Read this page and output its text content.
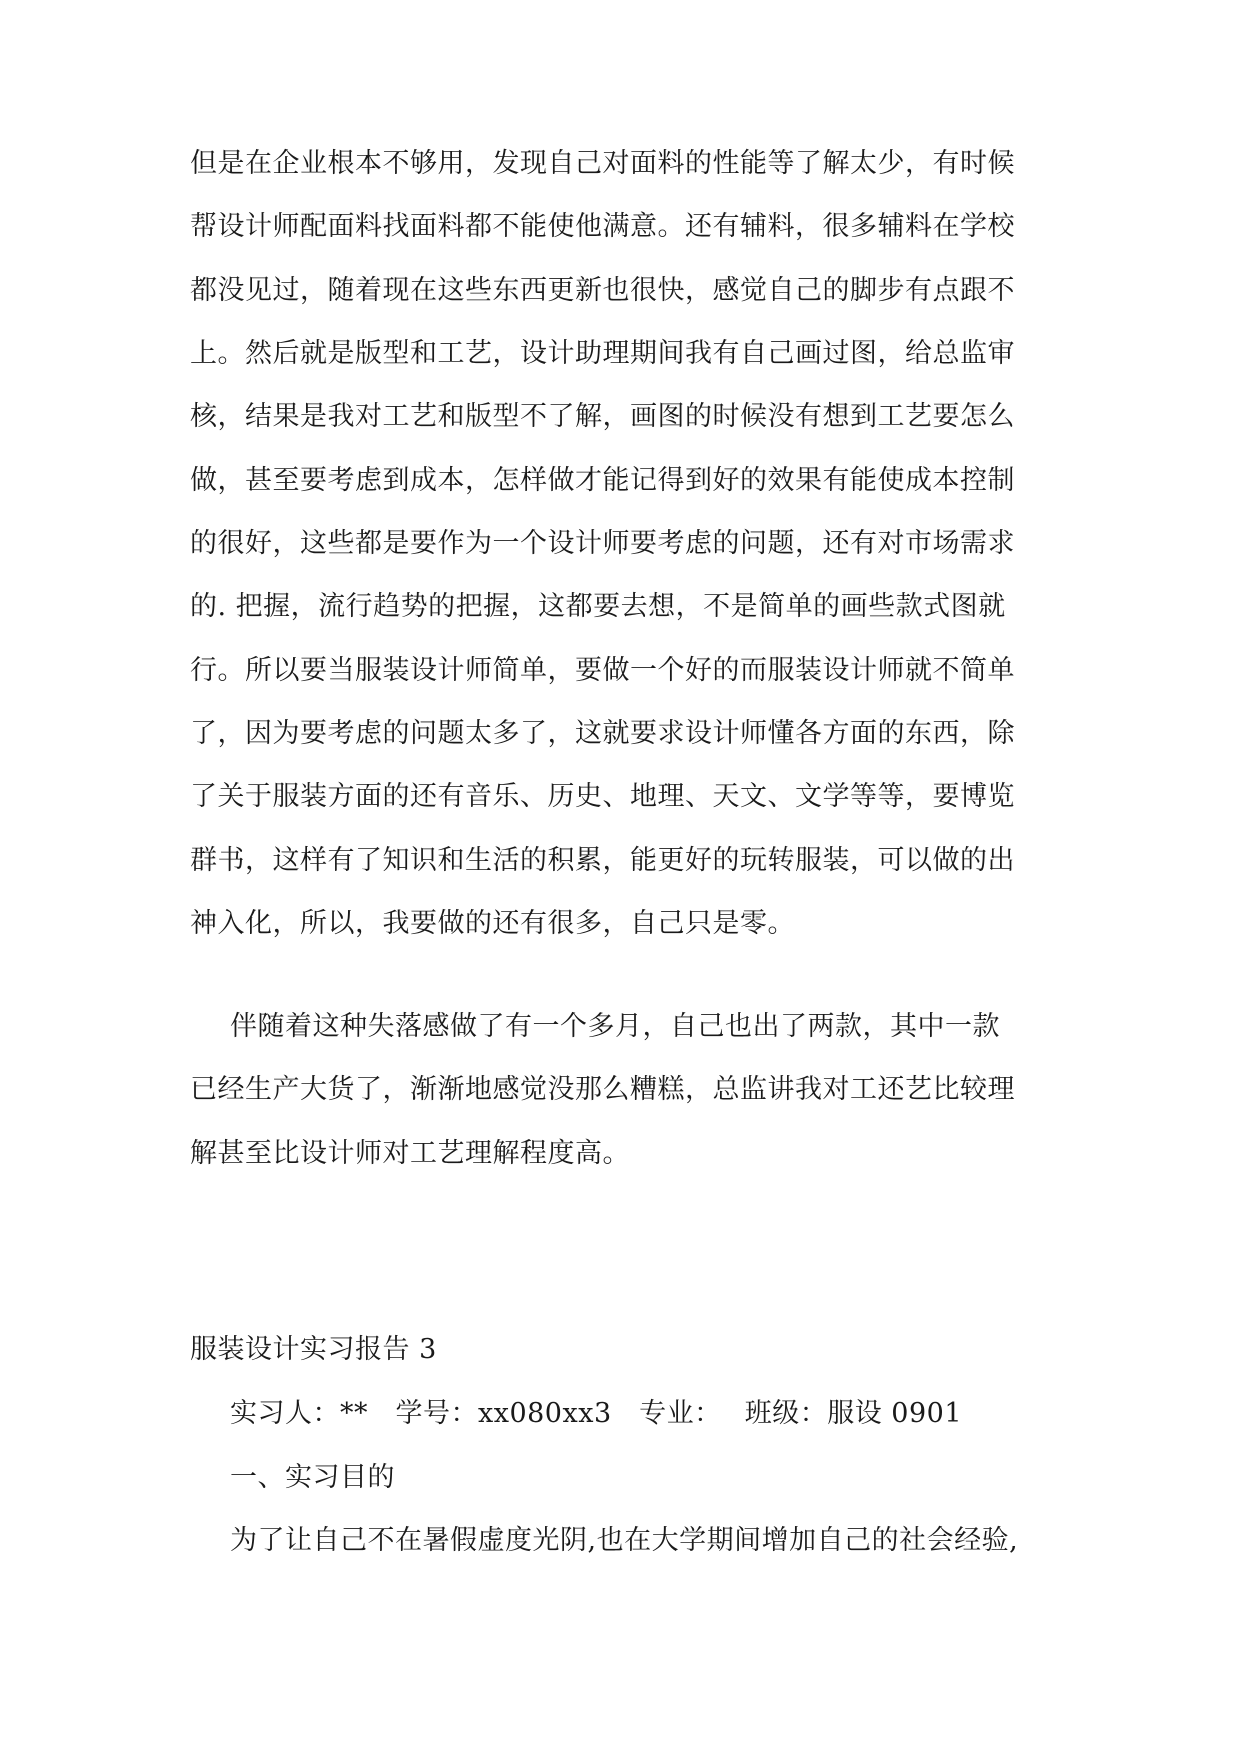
但是在企业根本不够用，发现自己对面料的性能等了解太少，有时候
帮设计师配面料找面料都不能使他满意。还有辅料，很多辅料在学校
都没见过，随着现在这些东西更新也很快，感觉自己的脚步有点跟不
上。然后就是版型和工艺，设计助理期间我有自己画过图，给总监审
核，结果是我对工艺和版型不了解，画图的时候没有想到工艺要怎么
做，甚至要考虑到成本，怎样做才能记得到好的效果有能使成本控制
的很好，这些都是要作为一个设计师要考虑的问题，还有对市场需求
的. 把握，流行趋势的把握，这都要去想，不是简单的画些款式图就
行。所以要当服装设计师简单，要做一个好的而服装设计师就不简单
了，因为要考虑的问题太多了，这就要求设计师懂各方面的东西，除
了关于服装方面的还有音乐、历史、地理、天文、文学等等，要博览
群书，这样有了知识和生活的积累，能更好的玩转服装，可以做的出
神入化，所以，我要做的还有很多，自己只是零。
伴随着这种失落感做了有一个多月，自己也出了两款，其中一款
已经生产大货了，渐渐地感觉没那么糟糕，总监讲我对工还艺比较理
解甚至比设计师对工艺理解程度高。
服装设计实习报告 3
实习人：**　学号：xx080xx3　专业：　 班级：服设 0901
一、实习目的
为了让自己不在暑假虚度光阴,也在大学期间增加自己的社会经验,
